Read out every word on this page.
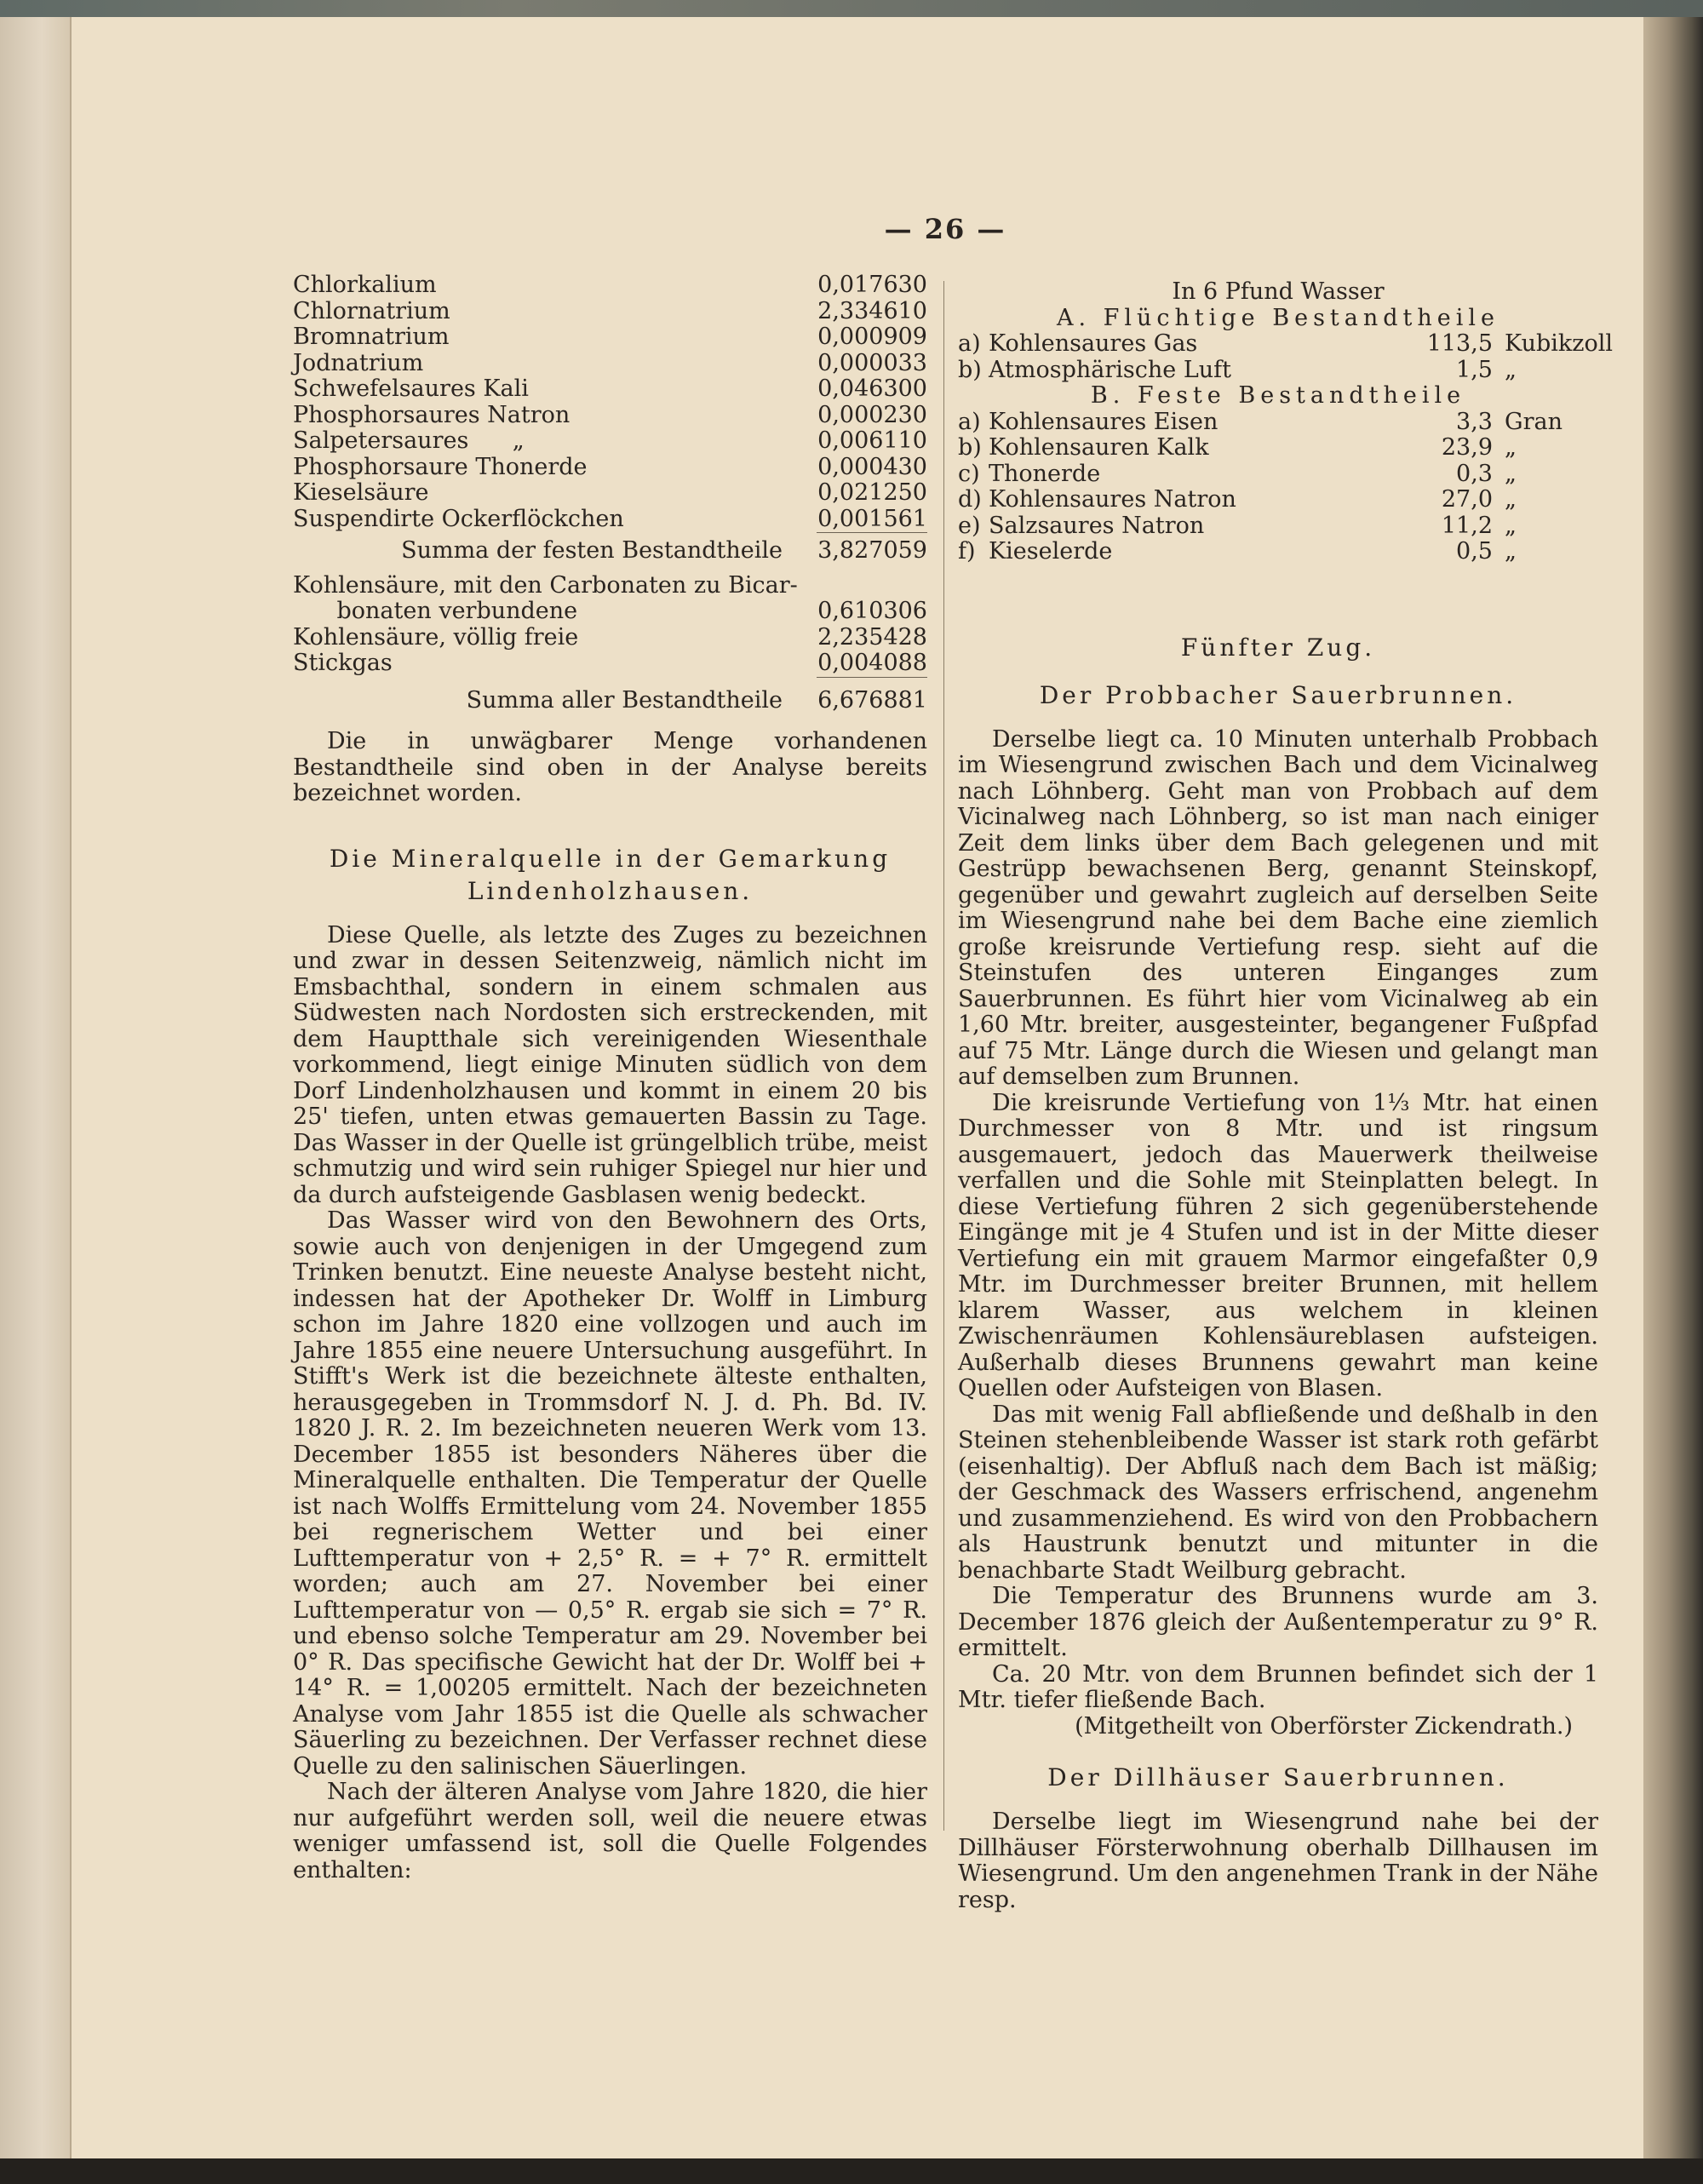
— 26 —
Chlorkalium	0,017630
Chlornatrium	2,334610
Bromnatrium	0,000909
Jodnatrium	0,000033
Schwefelsaures Kali	0,046300
Phosphorsaures Natron	0,000230
Salpetersaures      „	0,006110
Phosphorsaure Thonerde	0,000430
Kieselsäure	0,021250
Suspendirte Ockerflöckchen	0,001561
Summa der festen Bestandtheile 3,827059
Kohlensäure, mit den Carbonaten zu Bicar-
bonaten verbundene	0,610306
Kohlensäure, völlig freie	2,235428
Stickgas	0,004088
Summa aller Bestandtheile 6,676881

Die in unwägbarer Menge vorhandenen Bestandtheile sind oben in der Analyse bereits bezeichnet worden.

Die Mineralquelle in der Gemarkung Lindenholzhausen.

Diese Quelle, als letzte des Zuges zu bezeichnen und zwar in dessen Seitenzweig, nämlich nicht im Emsbachthal, sondern in einem schmalen aus Südwesten nach Nordosten sich erstreckenden, mit dem Hauptthale sich vereinigenden Wiesenthale vorkommend, liegt einige Minuten südlich von dem Dorf Lindenholzhausen und kommt in einem 20 bis 25' tiefen, unten etwas gemauerten Bassin zu Tage. Das Wasser in der Quelle ist grüngelblich trübe, meist schmutzig und wird sein ruhiger Spiegel nur hier und da durch aufsteigende Gasblasen wenig bedeckt.

Das Wasser wird von den Bewohnern des Orts, sowie auch von denjenigen in der Umgegend zum Trinken benutzt. Eine neueste Analyse besteht nicht, indessen hat der Apotheker Dr. Wolff in Limburg schon im Jahre 1820 eine vollzogen und auch im Jahre 1855 eine neuere Untersuchung ausgeführt. In Stifft's Werk ist die bezeichnete älteste enthalten, herausgegeben in Trommsdorf N. J. d. Ph. Bd. IV. 1820 J. R. 2. Im bezeichneten neueren Werk vom 13. December 1855 ist besonders Näheres über die Mineralquelle enthalten. Die Temperatur der Quelle ist nach Wolffs Ermittelung vom 24. November 1855 bei regnerischem Wetter und bei einer Lufttemperatur von + 2,5° R. = + 7° R. ermittelt worden; auch am 27. November bei einer Lufttemperatur von — 0,5° R. ergab sie sich = 7° R. und ebenso solche Temperatur am 29. November bei 0° R. Das specifische Gewicht hat der Dr. Wolff bei + 14° R. = 1,00205 ermittelt. Nach der bezeichneten Analyse vom Jahr 1855 ist die Quelle als schwacher Säuerling zu bezeichnen. Der Verfasser rechnet diese Quelle zu den salinischen Säuerlingen.

Nach der älteren Analyse vom Jahre 1820, die hier nur aufgeführt werden soll, weil die neuere etwas weniger umfassend ist, soll die Quelle Folgendes enthalten:

In 6 Pfund Wasser
A. Flüchtige Bestandtheile
a) Kohlensaures Gas	113,5 Kubikzoll
b) Atmosphärische Luft	1,5 „
B. Feste Bestandtheile
a) Kohlensaures Eisen	3,3 Gran
b) Kohlensauren Kalk	23,9 „
c) Thonerde	0,3 „
d) Kohlensaures Natron	27,0 „
e) Salzsaures Natron	11,2 „
f) Kieselerde	0,5 „
Fünfter Zug.
Der Probbacher Sauerbrunnen.

Derselbe liegt ca. 10 Minuten unterhalb Probbach im Wiesengrund zwischen Bach und dem Vicinalweg nach Löhnberg. Geht man von Probbach auf dem Vicinalweg nach Löhnberg, so ist man nach einiger Zeit dem links über dem Bach gelegenen und mit Gestrüpp bewachsenen Berg, genannt Steinskopf, gegenüber und gewahrt zugleich auf derselben Seite im Wiesengrund nahe bei dem Bache eine ziemlich große kreisrunde Vertiefung resp. sieht auf die Steinstufen des unteren Einganges zum Sauerbrunnen. Es führt hier vom Vicinalweg ab ein 1,60 Mtr. breiter, ausgesteinter, begangener Fußpfad auf 75 Mtr. Länge durch die Wiesen und gelangt man auf demselben zum Brunnen.

Die kreisrunde Vertiefung von 1⅓ Mtr. hat einen Durchmesser von 8 Mtr. und ist ringsum ausgemauert, jedoch das Mauerwerk theilweise verfallen und die Sohle mit Steinplatten belegt. In diese Vertiefung führen 2 sich gegenüberstehende Eingänge mit je 4 Stufen und ist in der Mitte dieser Vertiefung ein mit grauem Marmor eingefaßter 0,9 Mtr. im Durchmesser breiter Brunnen, mit hellem klarem Wasser, aus welchem in kleinen Zwischenräumen Kohlensäureblasen aufsteigen. Außerhalb dieses Brunnens gewahrt man keine Quellen oder Aufsteigen von Blasen.

Das mit wenig Fall abfließende und deßhalb in den Steinen stehenbleibende Wasser ist stark roth gefärbt (eisenhaltig). Der Abfluß nach dem Bach ist mäßig; der Geschmack des Wassers erfrischend, angenehm und zusammenziehend. Es wird von den Probbachern als Haustrunk benutzt und mitunter in die benachbarte Stadt Weilburg gebracht.

Die Temperatur des Brunnens wurde am 3. December 1876 gleich der Außentemperatur zu 9° R. ermittelt.

Ca. 20 Mtr. von dem Brunnen befindet sich der 1 Mtr. tiefer fließende Bach.

(Mitgetheilt von Oberförster Zickendrath.)

Der Dillhäuser Sauerbrunnen.

Derselbe liegt im Wiesengrund nahe bei der Dillhäuser Försterwohnung oberhalb Dillhausen im Wiesengrund. Um den angenehmen Trank in der Nähe resp.
